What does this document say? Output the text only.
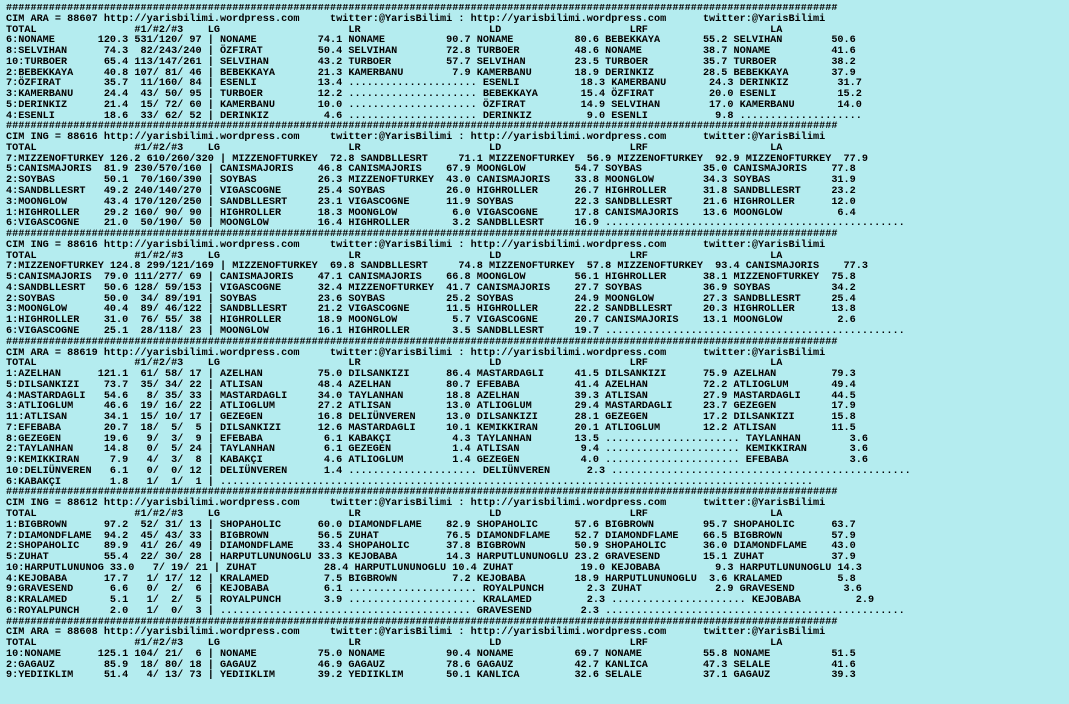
########################################################################################################################################
CIM ARA = 88607 http://yarisbilimi.wordpress.com     twitter:@YarisBilimi : http://yarisbilimi.wordpress.com      twitter:@YarisBilimi
TOTAL                #1/#2/#3    LG                     LR                     LD                     LRF                    LA
6:NONAME       120.3 531/120/ 97 | NONAME          74.1 NONAME          90.7 NONAME          80.6 BEBEKKAYA       55.2 SELVIHAN        50.6
8:SELVIHAN      74.3  82/243/240 | ÖZFIRAT         50.4 SELVIHAN        72.8 TURBOER         48.6 NONAME          38.7 NONAME          41.6
10:TURBOER      65.4 113/147/261 | SELVIHAN        43.2 TURBOER         57.7 SELVIHAN        23.5 TURBOER         35.7 TURBOER         38.2
2:BEBEKKAYA     40.8 107/ 81/ 46 | BEBEKKAYA       21.3 KAMERBANU        7.9 KAMERBANU       18.9 DERINKIZ        28.5 BEBEKKAYA       37.9
7:ÖZFIRAT       35.7  11/160/ 84 | ESENLI          13.4 ..................... ESENLI          18.3 KAMERBANU       24.3 DERINKIZ        31.7
3:KAMERBANU     24.4  43/ 50/ 95 | TURBOER         12.2 ..................... BEBEKKAYA       15.4 ÖZFIRAT         20.0 ESENLI          15.2
5:DERINKIZ      21.4  15/ 72/ 60 | KAMERBANU       10.0 ..................... ÖZFIRAT         14.9 SELVIHAN        17.0 KAMERBANU       14.0
4:ESENLI        18.6  33/ 62/ 52 | DERINKIZ         4.6 ..................... DERINKIZ         9.0 ESENLI           9.8 ....................
########################################################################################################################################
CIM ING = 88616 http://yarisbilimi.wordpress.com     twitter:@YarisBilimi : http://yarisbilimi.wordpress.com      twitter:@YarisBilimi
TOTAL                #1/#2/#3    LG                     LR                     LD                     LRF                    LA
7:MIZZENOFTURKEY 126.2 610/260/320 | MIZZENOFTURKEY  72.8 SANDBLLESRT     71.1 MIZZENOFTURKEY  56.9 MIZZENOFTURKEY  92.9 MIZZENOFTURKEY  77.9
5:CANISMAJORIS  81.9 230/570/160 | CANISMAJORIS    46.8 CANISMAJORIS    67.9 MOONGLOW        54.7 SOYBAS          35.0 CANISMAJORIS    77.8
2:SOYBAS        50.1  70/160/390 | SOYBAS          26.3 MIZZENOFTURKEY  43.0 CANISMAJORIS    33.8 MOONGLOW        34.3 SOYBAS          31.9
4:SANDBLLESRT   49.2 240/140/270 | VIGASCOGNE      25.4 SOYBAS          26.0 HIGHROLLER      26.7 HIGHROLLER      31.8 SANDBLLESRT     23.2
3:MOONGLOW      43.4 170/120/250 | SANDBLLESRT     23.1 VIGASCOGNE      11.9 SOYBAS          22.3 SANDBLLESRT     21.6 HIGHROLLER      12.0
1:HIGHROLLER    29.2 160/ 90/ 90 | HIGHROLLER      18.3 MOONGLOW         6.0 VIGASCOGNE      17.8 CANISMAJORIS    13.6 MOONGLOW         6.4
6:VIGASCOGNE    21.0  50/190/ 50 | MOONGLOW        16.4 HIGHROLLER       3.2 SANDBLLESRT     16.9 .................................................
########################################################################################################################################
CIM ING = 88616 http://yarisbilimi.wordpress.com     twitter:@YarisBilimi : http://yarisbilimi.wordpress.com      twitter:@YarisBilimi
TOTAL                #1/#2/#3    LG                     LR                     LD                     LRF                    LA
7:MIZZENOFTURKEY 124.8 299/121/169 | MIZZENOFTURKEY  69.8 SANDBLLESRT     74.8 MIZZENOFTURKEY  57.8 MIZZENOFTURKEY  93.4 CANISMAJORIS    77.3
5:CANISMAJORIS  79.0 111/277/ 69 | CANISMAJORIS    47.1 CANISMAJORIS    66.8 MOONGLOW        56.1 HIGHROLLER      38.1 MIZZENOFTURKEY  75.8
4:SANDBLLESRT   50.6 128/ 59/153 | VIGASCOGNE      32.4 MIZZENOFTURKEY  41.7 CANISMAJORIS    27.7 SOYBAS          36.9 SOYBAS          34.2
2:SOYBAS        50.0  34/ 89/191 | SOYBAS          23.6 SOYBAS          25.2 SOYBAS          24.9 MOONGLOW        27.3 SANDBLLESRT     25.4
3:MOONGLOW      40.4  89/ 46/122 | SANDBLLESRT     21.2 VIGASCOGNE      11.5 HIGHROLLER      22.2 SANDBLLESRT     20.3 HIGHROLLER      13.8
1:HIGHROLLER    31.0  76/ 55/ 38 | HIGHROLLER      18.9 MOONGLOW         5.7 VIGASCOGNE      20.7 CANISMAJORIS    13.1 MOONGLOW         2.6
6:VIGASCOGNE    25.1  28/118/ 23 | MOONGLOW        16.1 HIGHROLLER       3.5 SANDBLLESRT     19.7 .................................................
########################################################################################################################################
CIM ARA = 88619 http://yarisbilimi.wordpress.com     twitter:@YarisBilimi : http://yarisbilimi.wordpress.com      twitter:@YarisBilimi
TOTAL                #1/#2/#3    LG                     LR                     LD                     LRF                    LA
1:AZELHAN      121.1  61/ 58/ 17 | AZELHAN         75.0 DILSANKIZI      86.4 MASTARDAGLI     41.5 DILSANKIZI      75.9 AZELHAN         79.3
5:DILSANKIZI    73.7  35/ 34/ 22 | ATLISAN         48.4 AZELHAN         80.7 EFEBABA         41.4 AZELHAN         72.2 ATLIOGLUM       49.4
4:MASTARDAGLI   54.6   8/ 35/ 33 | MASTARDAGLI     34.0 TAYLANHAN       18.8 AZELHAN         39.3 ATLISAN         27.9 MASTARDAGLI     44.5
3:ATLIOGLUM     46.6  19/ 16/ 22 | ATLIOGLUM       27.2 ATLISAN         13.0 ATLIOGLUM       29.4 MASTARDAGLI     23.7 GEZEGEN         17.9
11:ATLISAN      34.1  15/ 10/ 17 | GEZEGEN         16.8 DELIÜNVEREN     13.0 DILSANKIZI      28.1 GEZEGEN         17.2 DILSANKIZI      15.8
7:EFEBABA       20.7  18/  5/  5 | DILSANKIZI      12.6 MASTARDAGLI     10.1 KEMIKKIRAN      20.1 ATLIOGLUM       12.2 ATLISAN         11.5
8:GEZEGEN       19.6   9/  3/  9 | EFEBABA          6.1 KABAKÇI          4.3 TAYLANHAN       13.5 ...................... TAYLANHAN        3.6
2:TAYLANHAN     14.8   0/  5/ 24 | TAYLANHAN        6.1 GEZEGEN          1.4 ATLISAN          9.4 ...................... KEMIKKIRAN       3.6
9:KEMIKKIRAN     7.9   4/  3/  8 | KABAKÇI          4.6 ATLIOGLUM        1.4 GEZEGEN          4.0 ...................... EFEBABA          3.6
10:DELIÜNVEREN   6.1   0/  0/ 12 | DELIÜNVEREN      1.4 ..................... DELIÜNVEREN      2.3 .................................................
6:KABAKÇI        1.8   1/  1/  1 | .................................................................................................
########################################################################################################################################
CIM ING = 88612 http://yarisbilimi.wordpress.com     twitter:@YarisBilimi : http://yarisbilimi.wordpress.com      twitter:@YarisBilimi
TOTAL                #1/#2/#3    LG                     LR                     LD                     LRF                    LA
1:BIGBROWN      97.2  52/ 31/ 13 | SHOPAHOLIC      60.0 DIAMONDFLAME    82.9 SHOPAHOLIC      57.6 BIGBROWN        95.7 SHOPAHOLIC      63.7
7:DIAMONDFLAME  94.2  45/ 43/ 33 | BIGBROWN        56.5 ZUHAT           76.5 DIAMONDFLAME    52.7 DIAMONDFLAME    66.5 BIGBROWN        57.9
2:SHOPAHOLIC    89.9  41/ 26/ 49 | DIAMONDFLAME    33.4 SHOPAHOLIC      37.8 BIGBROWN        50.9 SHOPAHOLIC      36.0 DIAMONDFLAME    43.0
5:ZUHAT         55.4  22/ 30/ 28 | HARPUTLUNUNOGLU 33.3 KEJOBABA        14.3 HARPUTLUNUNOGLU 23.2 GRAVESEND       15.1 ZUHAT           37.9
10:HARPUTLUNUNOG 33.0   7/ 19/ 21 | ZUHAT           28.4 HARPUTLUNUNOGLU 10.4 ZUHAT           19.0 KEJOBABA         9.3 HARPUTLUNUNOGLU 14.3
4:KEJOBABA      17.7   1/ 17/ 12 | KRALAMED         7.5 BIGBROWN         7.2 KEJOBABA        18.9 HARPUTLUNUNOGLU  3.6 KRALAMED         5.8
9:GRAVESEND      6.6   0/  2/  6 | KEJOBABA         6.1 ..................... ROYALPUNCH       2.3 ZUHAT            2.9 GRAVESEND        3.6
8:KRALAMED       5.1   1/  2/  5 | ROYALPUNCH       3.9 ..................... KRALAMED         2.3 ...................... KEJOBABA         2.9
6:ROYALPUNCH     2.0   1/  0/  3 | ......................................... GRAVESEND        2.3 .................................................
########################################################################################################################################
CIM ARA = 88608 http://yarisbilimi.wordpress.com     twitter:@YarisBilimi : http://yarisbilimi.wordpress.com      twitter:@YarisBilimi
TOTAL                #1/#2/#3    LG                     LR                     LD                     LRF                    LA
10:NONAME      125.1 104/ 21/  6 | NONAME          75.0 NONAME          90.4 NONAME          69.7 NONAME          55.8 NONAME          51.5
2:GAGAUZ        85.9  18/ 80/ 18 | GAGAUZ          46.9 GAGAUZ          78.6 GAGAUZ          42.7 KANLICA         47.3 SELALE          41.6
9:YEDIIKLIM     51.4   4/ 13/ 73 | YEDIIKLIM       39.2 YEDIIKLIM       50.1 KANLICA         32.6 SELALE          37.1 GAGAUZ          39.3
